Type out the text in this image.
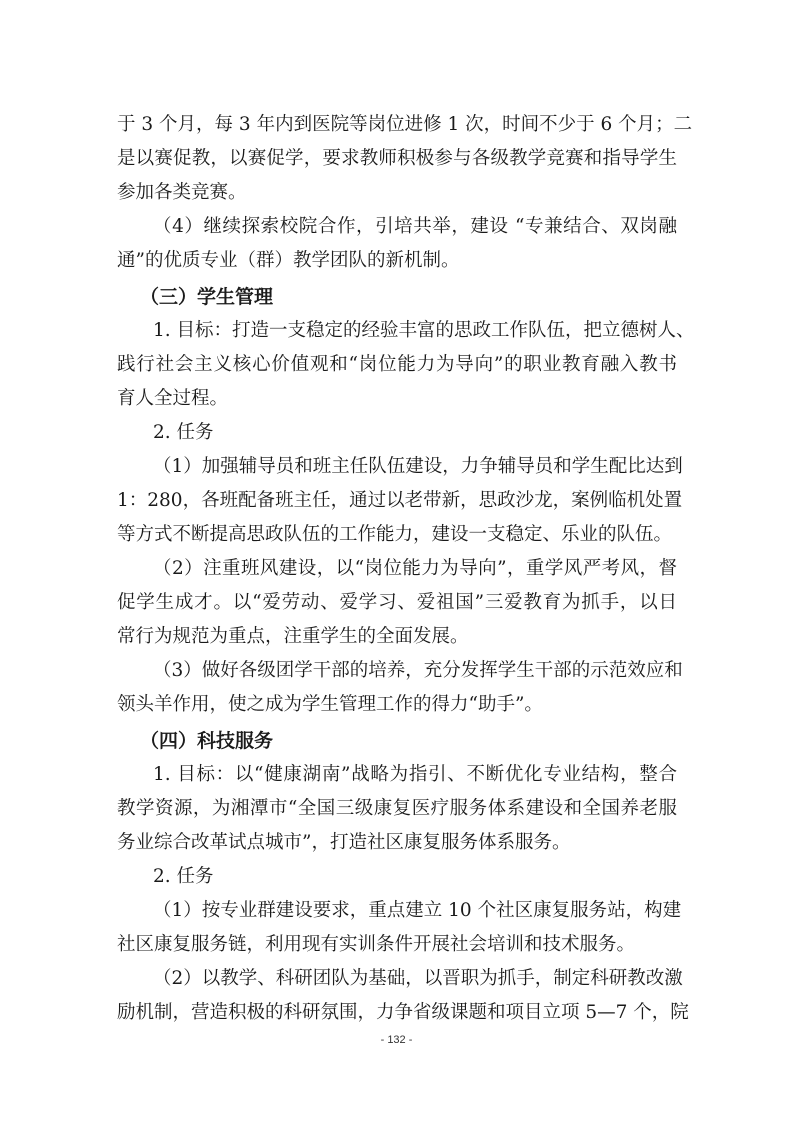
于 3 个月，每 3 年内到医院等岗位进修 1 次，时间不少于 6 个月；二
是以赛促教，以赛促学，要求教师积极参与各级教学竞赛和指导学生
参加各类竞赛。
（4）继续探索校院合作，引培共举，建设 “专兼结合、双岗融
通”的优质专业（群）教学团队的新机制。
（三）学生管理
1. 目标：打造一支稳定的经验丰富的思政工作队伍，把立德树人、
践行社会主义核心价值观和“岗位能力为导向”的职业教育融入教书
育人全过程。
2. 任务
（1）加强辅导员和班主任队伍建设，力争辅导员和学生配比达到
1：280，各班配备班主任，通过以老带新，思政沙龙，案例临机处置
等方式不断提高思政队伍的工作能力，建设一支稳定、乐业的队伍。
（2）注重班风建设，以“岗位能力为导向”，重学风严考风，督
促学生成才。以“爱劳动、爱学习、爱祖国”三爱教育为抓手，以日
常行为规范为重点，注重学生的全面发展。
（3）做好各级团学干部的培养，充分发挥学生干部的示范效应和
领头羊作用，使之成为学生管理工作的得力“助手”。
（四）科技服务
1. 目标：以“健康湖南”战略为指引、不断优化专业结构，整合
教学资源，为湘潭市“全国三级康复医疗服务体系建设和全国养老服
务业综合改革试点城市”，打造社区康复服务体系服务。
2. 任务
（1）按专业群建设要求，重点建立 10 个社区康复服务站，构建
社区康复服务链，利用现有实训条件开展社会培训和技术服务。
（2）以教学、科研团队为基础，以晋职为抓手，制定科研教改激
励机制，营造积极的科研氛围，力争省级课题和项目立项 5—7 个，院
- 132 -
